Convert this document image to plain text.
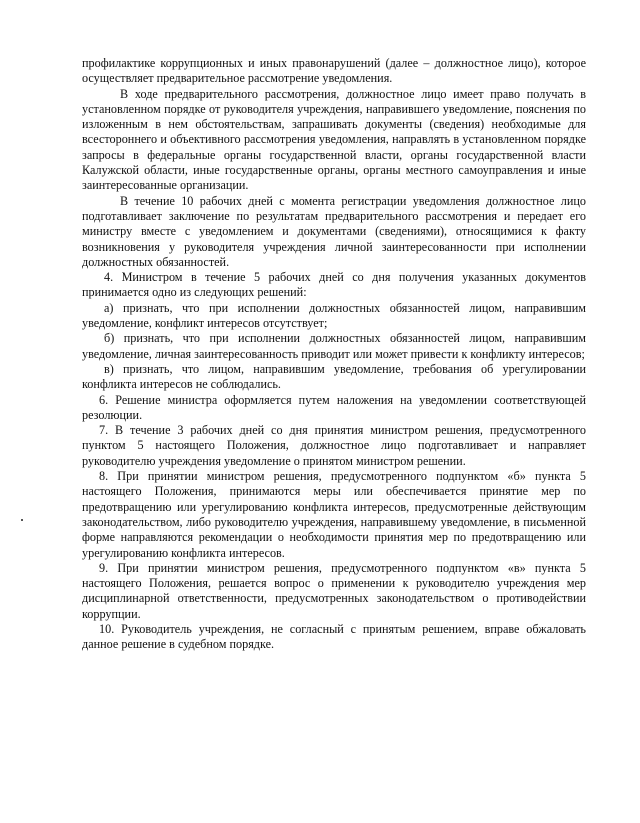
профилактике коррупционных и иных правонарушений (далее – должностное лицо), которое осуществляет предварительное рассмотрение уведомления.

В ходе предварительного рассмотрения, должностное лицо имеет право получать в установленном порядке от руководителя учреждения, направившего уведомление, пояснения по изложенным в нем обстоятельствам, запрашивать документы (сведения) необходимые для всестороннего и объективного рассмотрения уведомления, направлять в установленном порядке запросы в федеральные органы государственной власти, органы государственной власти Калужской области, иные государственные органы, органы местного самоуправления и иные заинтересованные организации.

В течение 10 рабочих дней с момента регистрации уведомления должностное лицо подготавливает заключение по результатам предварительного рассмотрения и передает его министру вместе с уведомлением и документами (сведениями), относящимися к факту возникновения у руководителя учреждения личной заинтересованности при исполнении должностных обязанностей.

4. Министром в течение 5 рабочих дней со дня получения указанных документов принимается одно из следующих решений:

а) признать, что при исполнении должностных обязанностей лицом, направившим уведомление, конфликт интересов отсутствует;

б) признать, что при исполнении должностных обязанностей лицом, направившим уведомление, личная заинтересованность приводит или может привести к конфликту интересов;

в) признать, что лицом, направившим уведомление, требования об урегулировании конфликта интересов не соблюдались.

6. Решение министра оформляется путем наложения на уведомлении соответствующей резолюции.

7. В течение 3 рабочих дней со дня принятия министром решения, предусмотренного пунктом 5 настоящего Положения, должностное лицо подготавливает и направляет руководителю учреждения уведомление о принятом министром решении.

8. При принятии министром решения, предусмотренного подпунктом «б» пункта 5 настоящего Положения, принимаются меры или обеспечивается принятие мер по предотвращению или урегулированию конфликта интересов, предусмотренные действующим законодательством, либо руководителю учреждения, направившему уведомление, в письменной форме направляются рекомендации о необходимости принятия мер по предотвращению или урегулированию конфликта интересов.

9. При принятии министром решения, предусмотренного подпунктом «в» пункта 5 настоящего Положения, решается вопрос о применении к руководителю учреждения мер дисциплинарной ответственности, предусмотренных законодательством о противодействии коррупции.

10. Руководитель учреждения, не согласный с принятым решением, вправе обжаловать данное решение в судебном порядке.
